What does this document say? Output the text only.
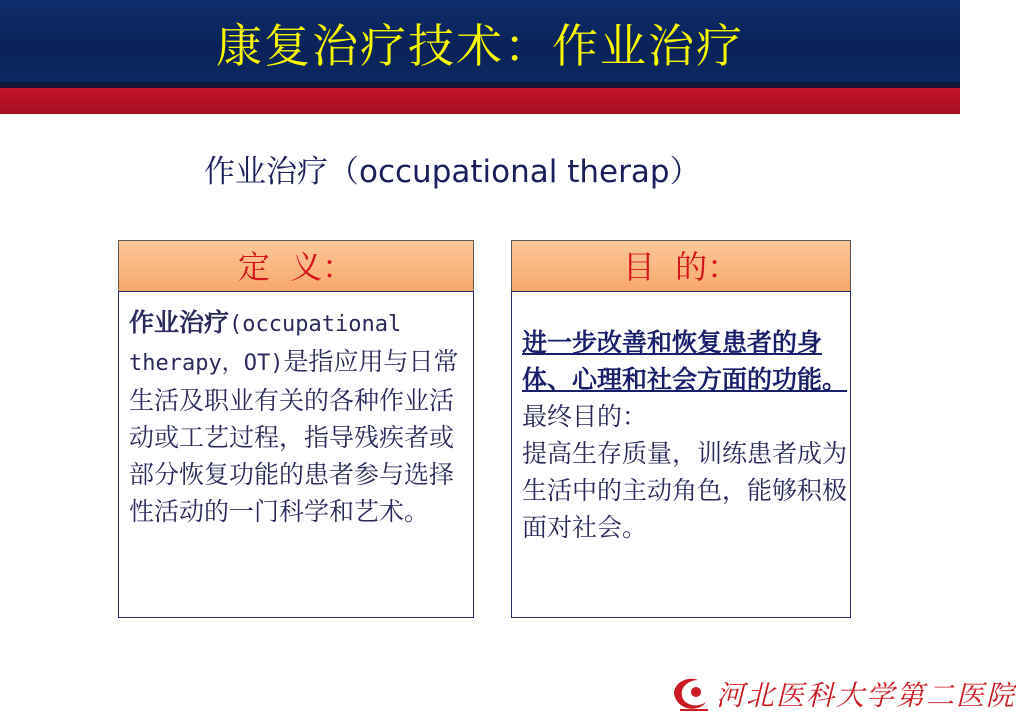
康复治疗技术：作业治疗
作业治疗（occupational therap）
定  义：
作业治疗(occupational therapy，OT)是指应用与日常生活及职业有关的各种作业活动或工艺过程，指导残疾者或部分恢复功能的患者参与选择性活动的一门科学和艺术。
目  的：
进一步改善和恢复患者的身体、心理和社会方面的功能。
最终目的：
提高生存质量，训练患者成为生活中的主动角色，能够积极面对社会。
河北医科大学第二医院
